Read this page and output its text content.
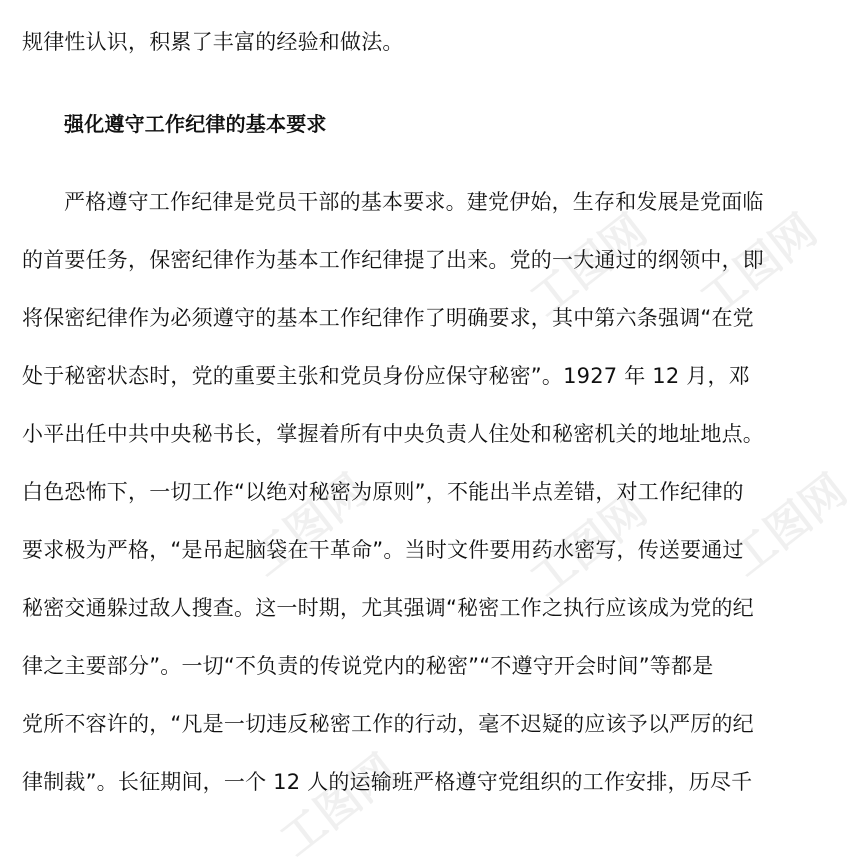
工图网 工图网
工图网	工图网 工图网
工图网
规律性认识，积累了丰富的经验和做法。
强化遵守工作纪律的基本要求
严格遵守工作纪律是党员干部的基本要求。建党伊始，生存和发展是党面临
的首要任务，保密纪律作为基本工作纪律提了出来。党的一大通过的纲领中，即
将保密纪律作为必须遵守的基本工作纪律作了明确要求，其中第六条强调“在党
处于秘密状态时，党的重要主张和党员身份应保守秘密”。1927 年 12 月，邓
小平出任中共中央秘书长，掌握着所有中央负责人住处和秘密机关的地址地点。
白色恐怖下，一切工作“以绝对秘密为原则”，不能出半点差错，对工作纪律的
要求极为严格，“是吊起脑袋在干革命”。当时文件要用药水密写，传送要通过
秘密交通躲过敌人搜查。这一时期，尤其强调“秘密工作之执行应该成为党的纪
律之主要部分”。一切“不负责的传说党内的秘密”“不遵守开会时间”等都是
党所不容许的，“凡是一切违反秘密工作的行动，毫不迟疑的应该予以严厉的纪
律制裁”。长征期间，一个 12 人的运输班严格遵守党组织的工作安排，历尽千
